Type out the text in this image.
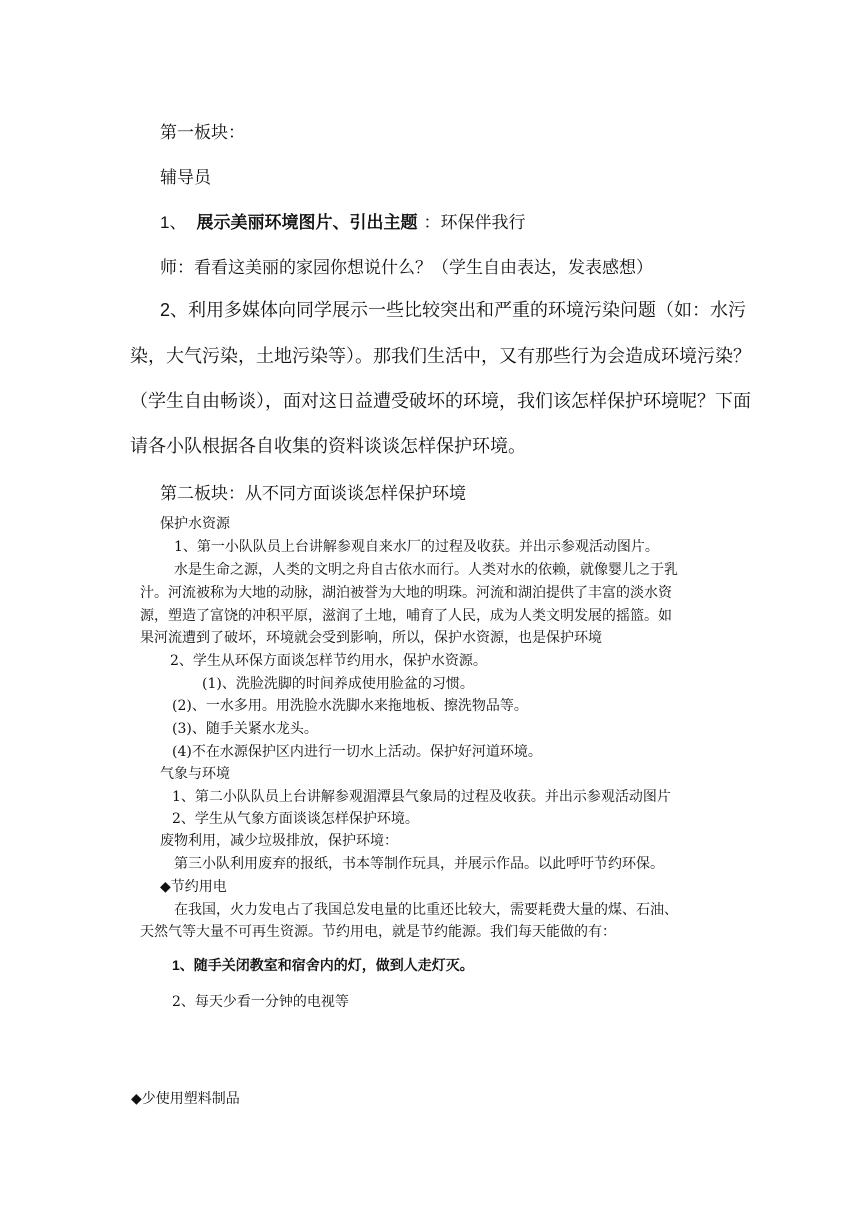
第一板块：
辅导员
1、 展示美丽环境图片、引出主题 ：环保伴我行
师：看看这美丽的家园你想说什么？（学生自由表达，发表感想）
2、利用多媒体向同学展示一些比较突出和严重的环境污染问题（如：水污
染，大气污染，土地污染等）。那我们生活中，又有那些行为会造成环境污染？
（学生自由畅谈），面对这日益遭受破坏的环境，我们该怎样保护环境呢？下面
请各小队根据各自收集的资料谈谈怎样保护环境。
第二板块：从不同方面谈谈怎样保护环境
保护水资源
1、第一小队队员上台讲解参观自来水厂的过程及收获。并出示参观活动图片。
水是生命之源，人类的文明之舟自古依水而行。人类对水的依赖，就像婴儿之于乳
汁。河流被称为大地的动脉，湖泊被誉为大地的明珠。河流和湖泊提供了丰富的淡水资
源，塑造了富饶的冲积平原，滋润了土地，哺育了人民，成为人类文明发展的摇篮。如
果河流遭到了破坏，环境就会受到影响，所以，保护水资源，也是保护环境
2、学生从环保方面谈怎样节约用水，保护水资源。
(1)、洗脸洗脚的时间养成使用脸盆的习惯。
(2)、一水多用。用洗脸水洗脚水来拖地板、擦洗物品等。
(3)、随手关紧水龙头。
(4)不在水源保护区内进行一切水上活动。保护好河道环境。
气象与环境
1、第二小队队员上台讲解参观湄潭县气象局的过程及收获。并出示参观活动图片
2、学生从气象方面谈谈怎样保护环境。
废物利用，减少垃圾排放，保护环境：
第三小队利用废弃的报纸，书本等制作玩具，并展示作品。以此呼吁节约环保。
◆节约用电
在我国，火力发电占了我国总发电量的比重还比较大，需要耗费大量的煤、石油、
天然气等大量不可再生资源。节约用电，就是节约能源。我们每天能做的有：
1、随手关闭教室和宿舍内的灯，做到人走灯灭。
2、每天少看一分钟的电视等
◆少使用塑料制品
